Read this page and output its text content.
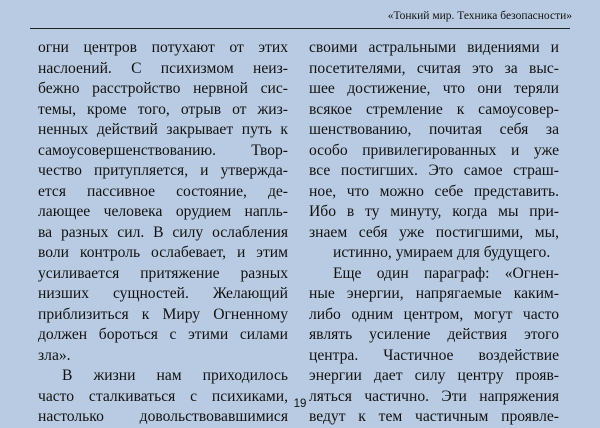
«Тонкий мир. Техника безопасности»
огни центров потухают от этих
наслоений. С психизмом неиз-
бежно расстройство нервной сис-
темы, кроме того, отрыв от жиз-
ненных действий закрывает путь к
самоусовершенствованию. Твор-
чество притупляется, и утвержда-
ется пассивное состояние, де-
лающее человека орудием напль-
ва разных сил. В силу ослабления
воли контроль ослабевает, и этим
усиливается притяжение разных
низших сущностей. Желающий
приблизиться к Миру Огненному
должен бороться с этими силами
зла».
В жизни нам приходилось
часто сталкиваться с психиками,
настолько довольствовавшимися
своими астральными видениями и
посетителями, считая это за выс-
шее достижение, что они теряли
всякое стремление к самоусовер-
шенствованию, почитая себя за
особо привилегированных и уже
все постигших. Это самое страш-
ное, что можно себе представить.
Ибо в ту минуту, когда мы при-
знаем себя уже постигшими, мы,
истинно, умираем для будущего.
Еще один параграф: «Огнен-
ные энергии, напрягаемые каким-
либо одним центром, могут часто
являть усиление действия этого
центра. Частичное воздействие
энергии дает силу центру прояв-
ляться частично. Эти напряжения
ведут к тем частичным проявле-
19
